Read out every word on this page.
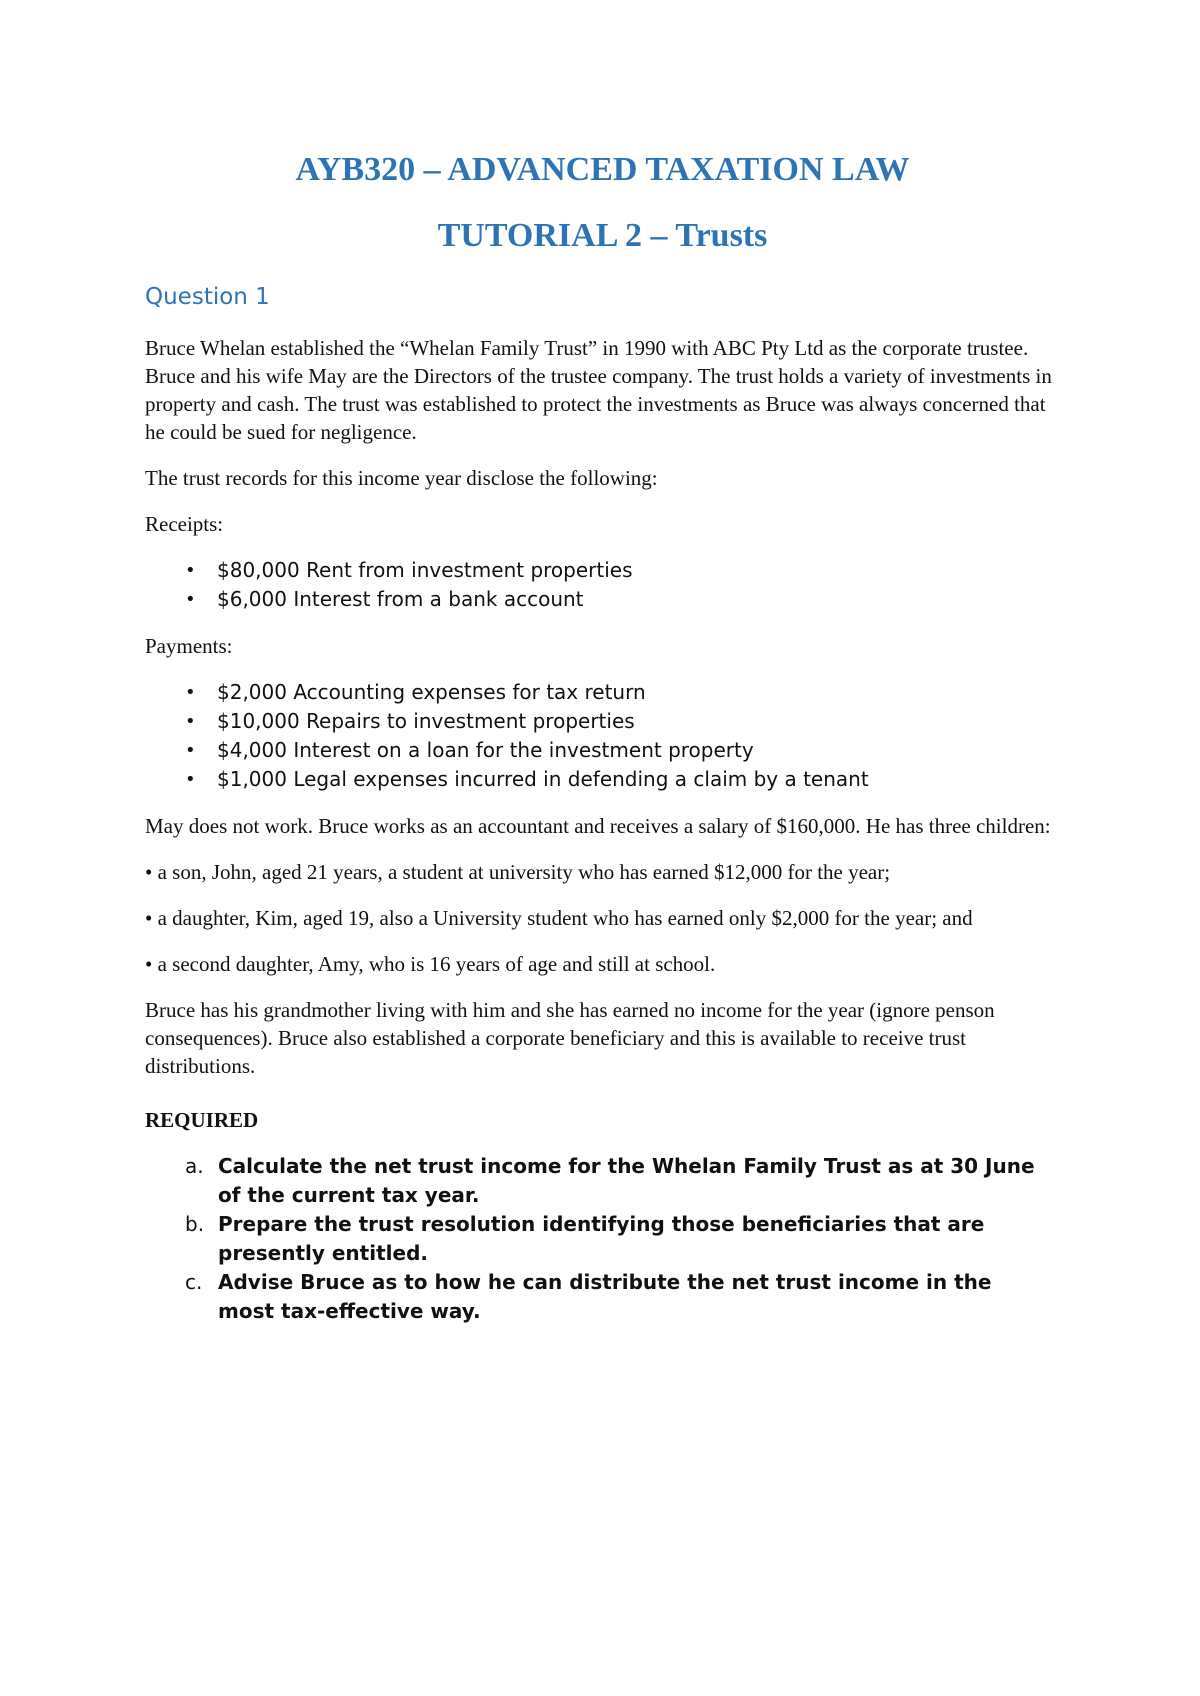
AYB320 – ADVANCED TAXATION LAW
TUTORIAL 2 – Trusts
Question 1

Bruce Whelan established the “Whelan Family Trust” in 1990 with ABC Pty Ltd as the corporate trustee. Bruce and his wife May are the Directors of the trustee company. The trust holds a variety of investments in property and cash. The trust was established to protect the investments as Bruce was always concerned that he could be sued for negligence.

The trust records for this income year disclose the following:

Receipts:

• $80,000 Rent from investment properties
• $6,000 Interest from a bank account

Payments:

• $2,000 Accounting expenses for tax return
• $10,000 Repairs to investment properties
• $4,000 Interest on a loan for the investment property
• $1,000 Legal expenses incurred in defending a claim by a tenant

May does not work. Bruce works as an accountant and receives a salary of $160,000. He has three children:

• a son, John, aged 21 years, a student at university who has earned $12,000 for the year;

• a daughter, Kim, aged 19, also a University student who has earned only $2,000 for the year; and

• a second daughter, Amy, who is 16 years of age and still at school.

Bruce has his grandmother living with him and she has earned no income for the year (ignore penson consequences). Bruce also established a corporate beneficiary and this is available to receive trust distributions.

REQUIRED

a. Calculate the net trust income for the Whelan Family Trust as at 30 June of the current tax year.
b. Prepare the trust resolution identifying those beneficiaries that are presently entitled.
c. Advise Bruce as to how he can distribute the net trust income in the most tax-effective way.
